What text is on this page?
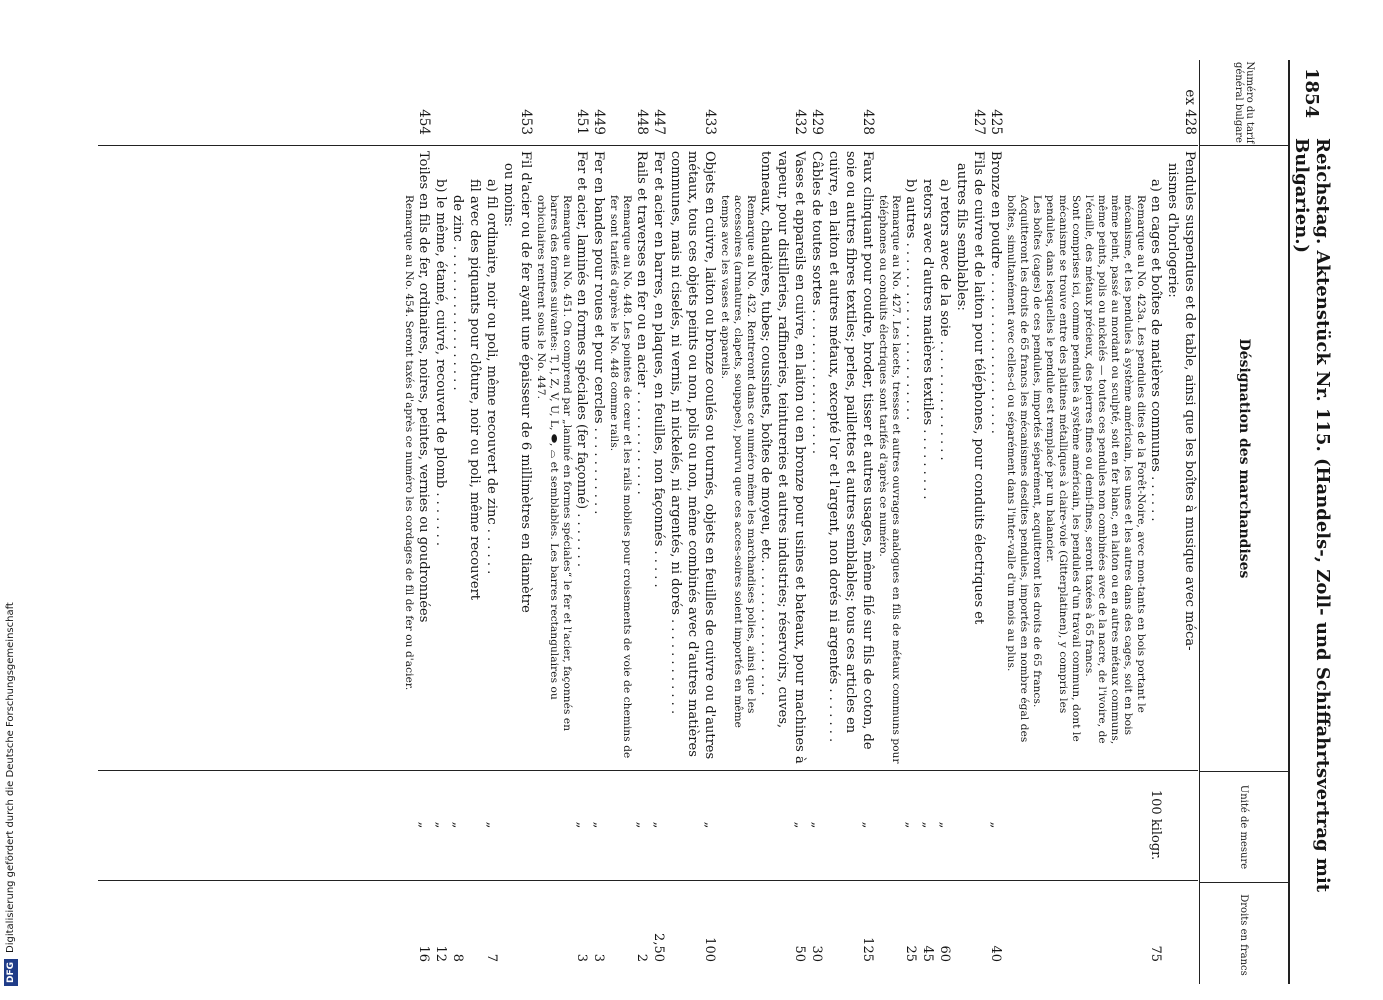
DFGDigitalisierung gefördert durch die Deutsche Forschungsgemeinschaft
1854
Reichstag. Aktenstück Nr. 115. (Handels-, Zoll- und Schiffahrtsvertrag mit Bulgarien.)
Numéro du tarif général bulgare
Désignation des marchandises
Unité de mesure
Droits en francs
ex 428
Pendules suspendues et de table, ainsi que les boîtes à musique avec méca-
nismes d'horlogerie:
a) en cages et boîtes de matières communes . . . . . .
100 kilogr.
75
Remarque au No. 423a. Les pendules dites de la Forêt-Noire, avec mon-tants en bois portant le mécanisme, et les pendules à système américain, les unes et les autres dans des cages, soit en bois même peint, passé au mordant ou sculpté, soit en fer blanc, en laiton ou en autres métaux communs, même peints, polis ou nickelés — toutes ces pendules non combinées avec de la nacre, de l'ivoire, de l'écaille, des métaux précieux, des pierres fines ou demi-fines, seront taxées à 65 francs.
Sont comprises ici, comme pendules à système américain, les pendules d'un travail commun, dont le mécanisme se trouve entre des platines métalliques à claire-voie (Gitterplatinen), y compris les pendules, dans lesquelles le pendule est remplacé par un balancier.
Les boîtes (cages) de ces pendules, importés séparément, acquitteront les droits de 65 francs.
Acquitteront les droits de 65 francs les mécanismes desdites pendules, importés en nombre égal des boîtes, simultanément avec celles-ci ou séparément dans l'inter-valle d'un mois au plus.
425
Bronze en poudre . . . . . . . . . . . . . . . . . . . .
„
40
427
Fils de cuivre et de laiton pour téléphones, pour conduits électriques et
autres fils semblables:
a) retors avec de la soie . . . . . . . . . . . . . . .
„
60
retors avec d'autres matières textiles . . . . . . . . .
„
45
b) autres . . . . . . . . . . . . . . . . . . . . . .
„
25
Remarque au No. 427. Les lacets, tresses et autres ouvrages analogues en fils de métaux communs pour téléphones ou conduits électriques sont tarifés d'après ce numéro.
428
Faux clinquant pour coudre, broder, tisser et autres usages, même filé sur fils de coton, de soie ou autres fibres textiles; perles, paillettes et autres semblables; tous ces articles en cuivre, en laiton et autres métaux, excepté l'or et l'argent, non dorés ni argentés . . . . . . .
„
125
429
Câbles de toutes sortes . . . . . . . . . . . . . . . . . .
„
30
432
Vases et appareils en cuivre, en laiton ou en bronze pour usines et bateaux, pour machines à vapeur, pour distilleries, raffineries, teintureries et autres industries; réservoirs, cuves, tonneaux, chaudières, tubes; coussinets, boîtes de moyeu, etc. . . . . . . . . . . . . . . . .
„
50
Remarque au No. 432. Rentreront dans ce numéro même les marchandises polies, ainsi que les accessoires (armatures, clapets, soupapes), pourvu que ces acces-soires soient importés en même temps avec les vases et appareils.
433
Objets en cuivre, laiton ou bronze coulés ou tournés, objets en feuilles de cuivre ou d'autres métaux, tous ces objets peints ou non, polis ou non, même combinés avec d'autres matières communes, mais ni ciselés, ni vernis, ni nickelés, ni argentés, ni dorés . . . . . . . . . . . .
„
100
447
Fer et acier en barres, en plaques, en feuilles, non façonnés . . . . .
„
2,50
448
Rails et traverses en fer ou en acier . . . . . . . . . . . . .
„
2
Remarque au No. 448. Les pointes de cœur et les rails mobiles pour croisements de voie de chemins de fer sont tarifés d'après le No. 448 comme rails.
449
Fer en bandes pour roues et pour cercles . . . . . . . . . . .
„
3
451
Fer et acier, laminés en formes spéciales (fer façonné) . . . . . . .
„
3
Remarque au No. 451. On comprend par „laminé en formes spéciales“ le fer et l'acier, façonnés en barres des formes suivantes: T, I, Z, V, U, L, ⬬, ⌓ et semblables. Les barres rectangulaires ou orbiculaires rentrent sous le No. 447.
453
Fil d'acier ou de fer ayant une épaisseur de 6 millimètres en diamètre
ou moins:
a) fil ordinaire, noir ou poli, même recouvert de zinc . . . . . .
„
7
fil avec des piquants pour clôture, noir ou poli, même recouvert
de zinc . . . . . . . . . . . . . . . . . .
„
8
b) le même, étamé, cuivré, recouvert de plomb . . . . . . .
„
12
454
Toiles en fils de fer, ordinaires, noires, peintes, vernies ou goudronnées
„
16
Remarque au No. 454. Seront taxés d'après ce numéro les cordages de fil de fer ou d'acier.
